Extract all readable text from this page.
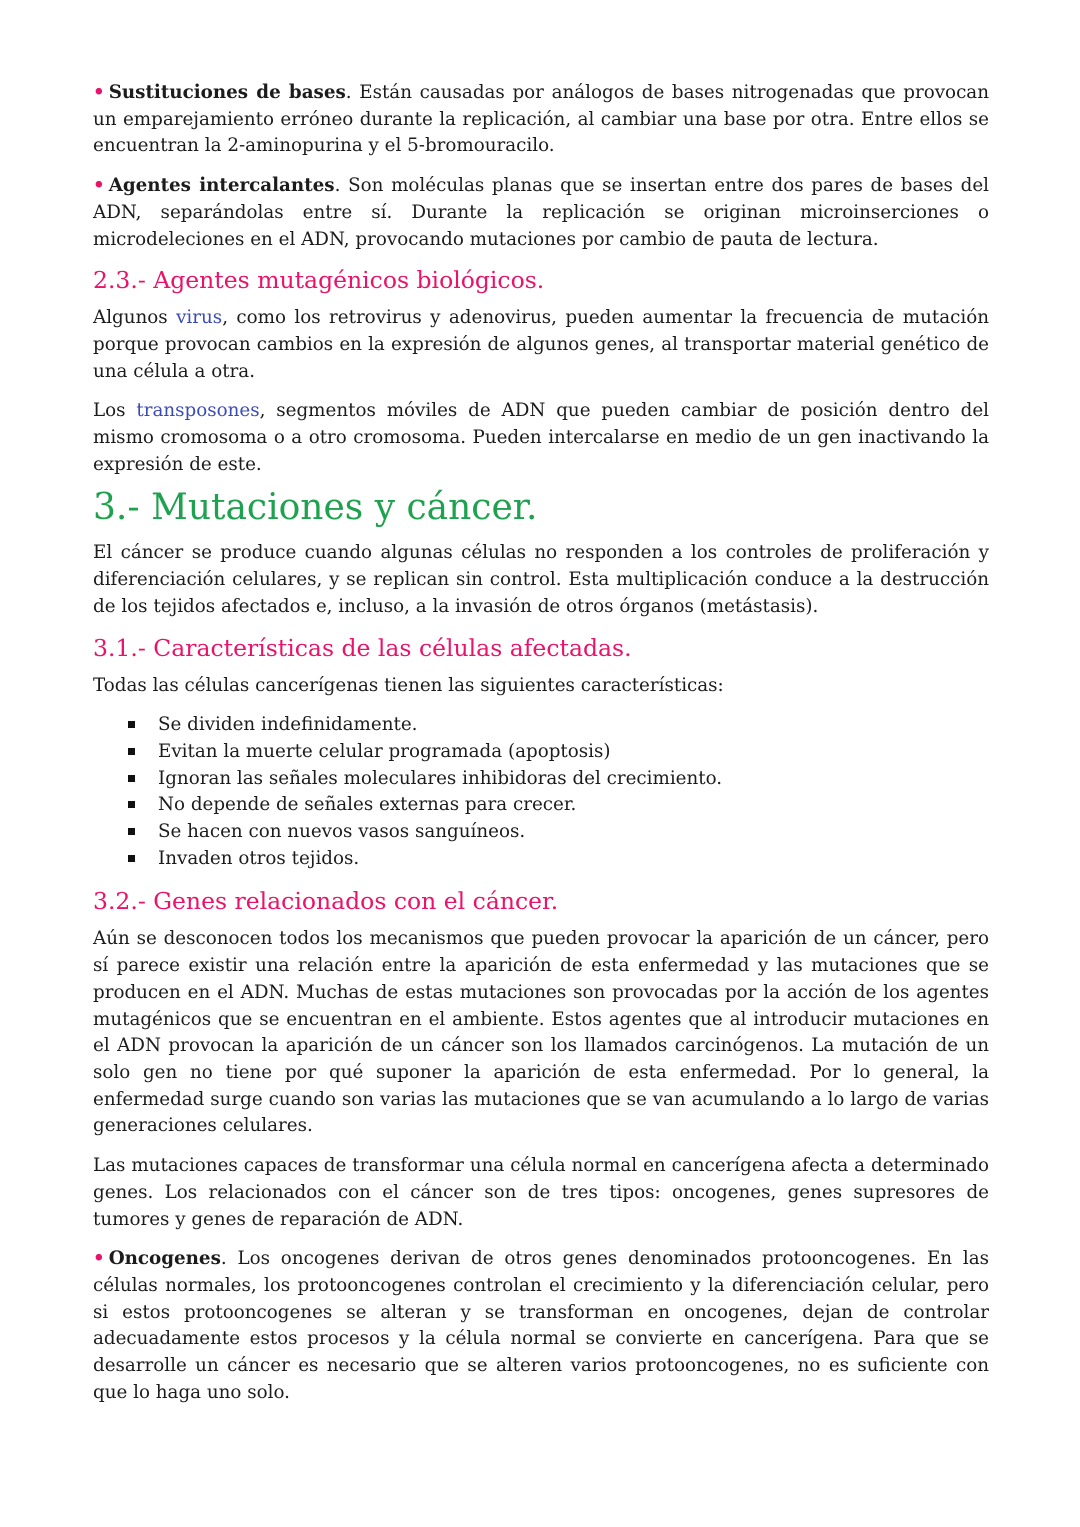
• Sustituciones de bases. Están causadas por análogos de bases nitrogenadas que provocan un emparejamiento erróneo durante la replicación, al cambiar una base por otra. Entre ellos se encuentran la 2-aminopurina y el 5-bromouracilo.

• Agentes intercalantes. Son moléculas planas que se insertan entre dos pares de bases del ADN, separándolas entre sí. Durante la replicación se originan microinserciones o microdeleciones en el ADN, provocando mutaciones por cambio de pauta de lectura.

2.3.- Agentes mutagénicos biológicos.

Algunos virus, como los retrovirus y adenovirus, pueden aumentar la frecuencia de mutación porque provocan cambios en la expresión de algunos genes, al transportar material genético de una célula a otra.

Los transposones, segmentos móviles de ADN que pueden cambiar de posición dentro del mismo cromosoma o a otro cromosoma. Pueden intercalarse en medio de un gen inactivando la expresión de este.

3.- Mutaciones y cáncer.

El cáncer se produce cuando algunas células no responden a los controles de proliferación y diferenciación celulares, y se replican sin control. Esta multiplicación conduce a la destrucción de los tejidos afectados e, incluso, a la invasión de otros órganos (metástasis).

3.1.- Características de las células afectadas.

Todas las células cancerígenas tienen las siguientes características:

Se dividen indefinidamente.
Evitan la muerte celular programada (apoptosis)
Ignoran las señales moleculares inhibidoras del crecimiento.
No depende de señales externas para crecer.
Se hacen con nuevos vasos sanguíneos.
Invaden otros tejidos.
3.2.- Genes relacionados con el cáncer.

Aún se desconocen todos los mecanismos que pueden provocar la aparición de un cáncer, pero sí parece existir una relación entre la aparición de esta enfermedad y las mutaciones que se producen en el ADN. Muchas de estas mutaciones son provocadas por la acción de los agentes mutagénicos que se encuentran en el ambiente. Estos agentes que al introducir mutaciones en el ADN provocan la aparición de un cáncer son los llamados carcinógenos. La mutación de un solo gen no tiene por qué suponer la aparición de esta enfermedad. Por lo general, la enfermedad surge cuando son varias las mutaciones que se van acumulando a lo largo de varias generaciones celulares.

Las mutaciones capaces de transformar una célula normal en cancerígena afecta a determinado genes. Los relacionados con el cáncer son de tres tipos: oncogenes, genes supresores de tumores y genes de reparación de ADN.

• Oncogenes. Los oncogenes derivan de otros genes denominados protooncogenes. En las células normales, los protooncogenes controlan el crecimiento y la diferenciación celular, pero si estos protooncogenes se alteran y se transforman en oncogenes, dejan de controlar adecuadamente estos procesos y la célula normal se convierte en cancerígena. Para que se desarrolle un cáncer es necesario que se alteren varios protooncogenes, no es suficiente con que lo haga uno solo.
